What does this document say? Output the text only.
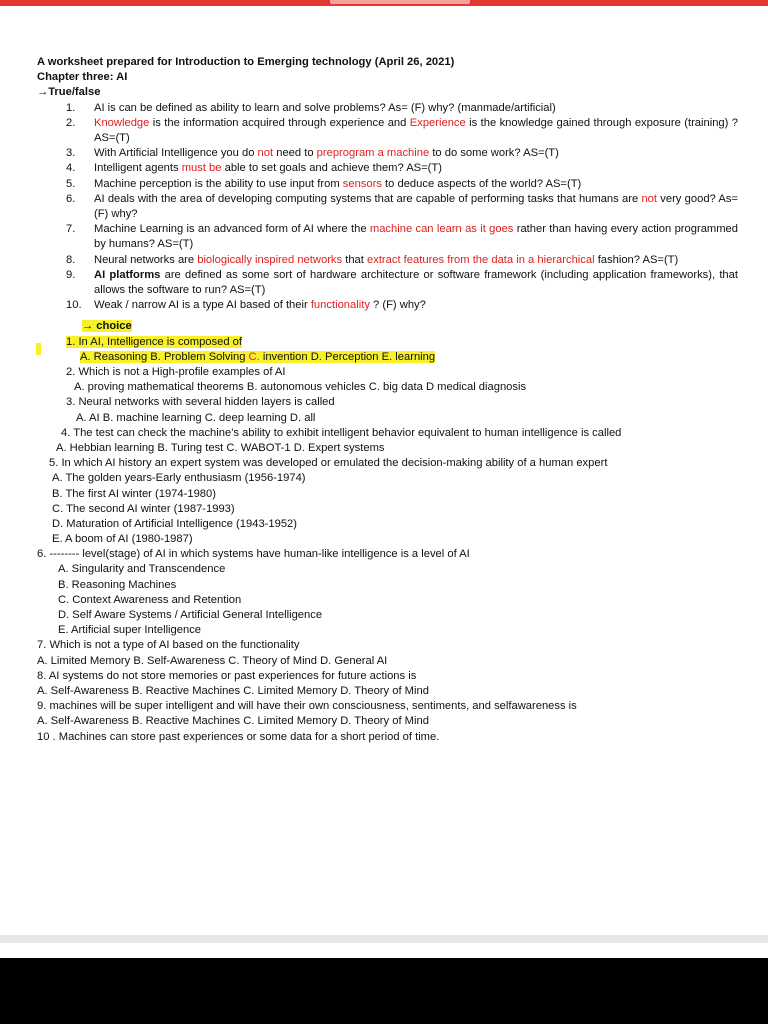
A worksheet prepared for Introduction to Emerging technology (April 26, 2021)
Chapter three: AI
→True/false
1.	AI is can be defined as ability to learn and solve problems? As= (F) why? (manmade/artificial)
2.	Knowledge is the information acquired through experience and Experience is the knowledge gained through exposure (training) ? AS=(T)
3.	With Artificial Intelligence you do not need to preprogram a machine to do some work? AS=(T)
4.	Intelligent agents must be able to set goals and achieve them? AS=(T)
5.	Machine perception is the ability to use input from sensors to deduce aspects of the world? AS=(T)
6.	AI deals with the area of developing computing systems that are capable of performing tasks that humans are not very good? As= (F) why?
7.	Machine Learning is an advanced form of AI where the machine can learn as it goes rather than having every action programmed by humans? AS=(T)
8.	Neural networks are biologically inspired networks that extract features from the data in a hierarchical fashion? AS=(T)
9.	AI platforms are defined as some sort of hardware architecture or software framework (including application frameworks), that allows the software to run? AS=(T)
10.	Weak / narrow AI is a type AI based of their functionality ? (F) why?
→ choice
1. In AI, Intelligence is composed of
A. Reasoning B. Problem Solving C. invention D. Perception E. learning
2. Which is not a High-profile examples of AI
A. proving mathematical theorems B. autonomous vehicles C. big data D medical diagnosis
3. Neural networks with several hidden layers is called
A. AI B. machine learning C. deep learning D. all
4. The test can check the machine's ability to exhibit intelligent behavior equivalent to human intelligence is called
A. Hebbian learning B. Turing test C. WABOT-1 D. Expert systems
5. In which AI history an expert system was developed or emulated the decision-making ability of a human expert
A. The golden years-Early enthusiasm (1956-1974)
B. The first AI winter (1974-1980)
C. The second AI winter (1987-1993)
D. Maturation of Artificial Intelligence (1943-1952)
E. A boom of AI (1980-1987)
6. -------- level(stage) of AI in which systems have human-like intelligence is a level of AI
A. Singularity and Transcendence
B. Reasoning Machines
C. Context Awareness and Retention
D. Self Aware Systems / Artificial General Intelligence
E. Artificial super Intelligence
7. Which is not a type of AI based on the functionality
A. Limited Memory B. Self-Awareness C. Theory of Mind D. General AI
8. AI systems do not store memories or past experiences for future actions is
A. Self-Awareness B. Reactive Machines C. Limited Memory D. Theory of Mind
9. machines will be super intelligent and will have their own consciousness, sentiments, and selfawareness is
A. Self-Awareness B. Reactive Machines C. Limited Memory D. Theory of Mind
10 . Machines can store past experiences or some data for a short period of time.
